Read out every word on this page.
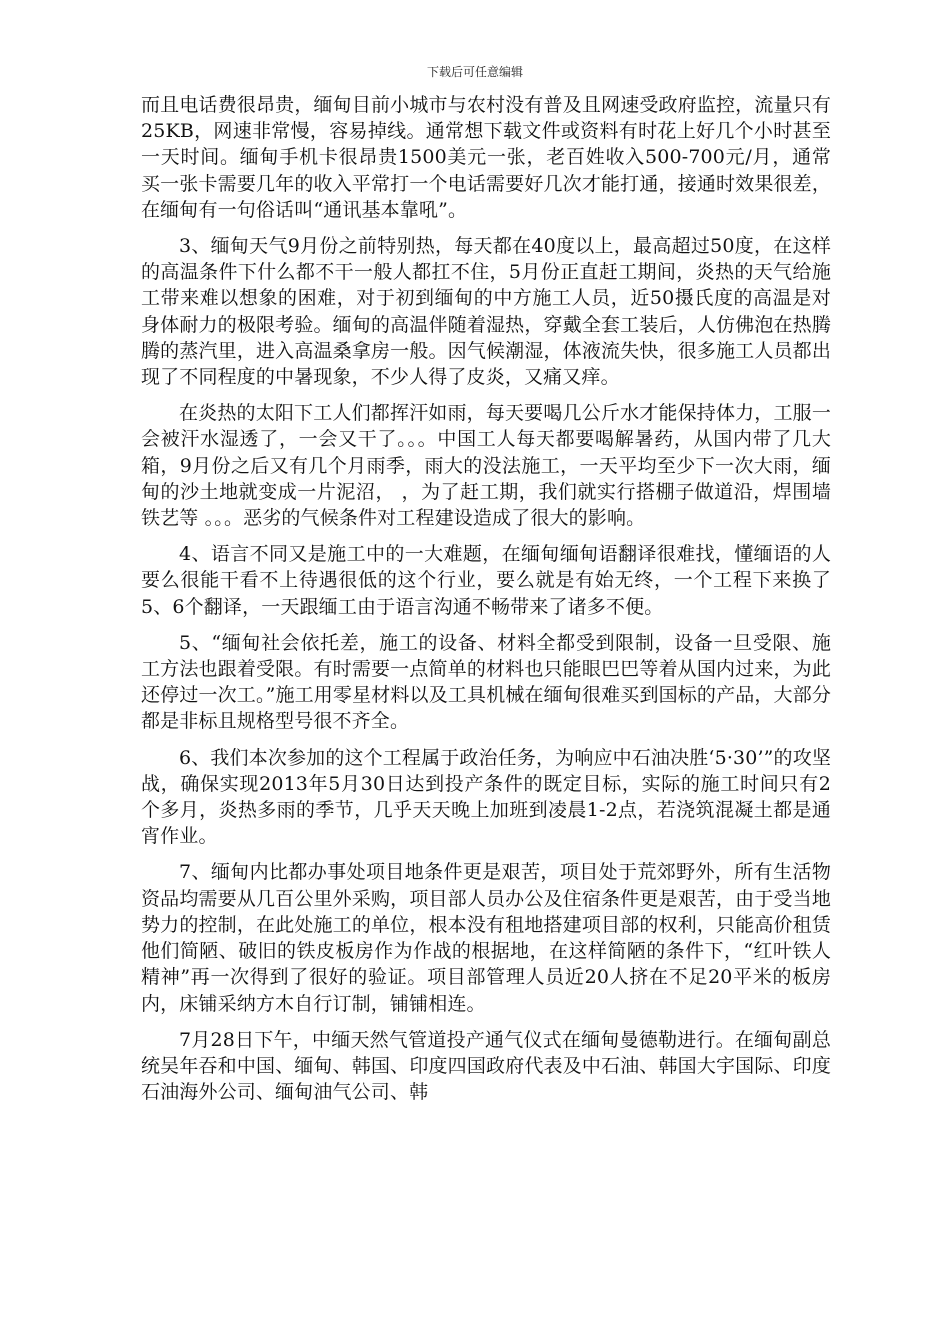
下载后可任意编辑

而且电话费很昂贵，缅甸目前小城市与农村没有普及且网速受政府监控，流量只有25KB，网速非常慢，容易掉线。通常想下载文件或资料有时花上好几个小时甚至一天时间。缅甸手机卡很昂贵1500美元一张，老百姓收入500-700元/月，通常买一张卡需要几年的收入平常打一个电话需要好几次才能打通，接通时效果很差，在缅甸有一句俗话叫“通讯基本靠吼”。

3、缅甸天气9月份之前特别热，每天都在40度以上，最高超过50度，在这样的高温条件下什么都不干一般人都扛不住，5月份正直赶工期间，炎热的天气给施工带来难以想象的困难，对于初到缅甸的中方施工人员，近50摄氏度的高温是对身体耐力的极限考验。缅甸的高温伴随着湿热，穿戴全套工装后，人仿佛泡在热腾腾的蒸汽里，进入高温桑拿房一般。因气候潮湿，体液流失快，很多施工人员都出现了不同程度的中暑现象，不少人得了皮炎，又痛又痒。

在炎热的太阳下工人们都挥汗如雨，每天要喝几公斤水才能保持体力，工服一会被汗水湿透了，一会又干了。。。中国工人每天都要喝解暑药，从国内带了几大箱，9月份之后又有几个月雨季，雨大的没法施工，一天平均至少下一次大雨，缅甸的沙土地就变成一片泥沼， ，为了赶工期，我们就实行搭棚子做道沿，焊围墙铁艺等 。。。恶劣的气候条件对工程建设造成了很大的影响。

4、语言不同又是施工中的一大难题，在缅甸缅甸语翻译很难找，懂缅语的人要么很能干看不上待遇很低的这个行业，要么就是有始无终，一个工程下来换了5、6个翻译，一天跟缅工由于语言沟通不畅带来了诸多不便。

5、“缅甸社会依托差，施工的设备、材料全都受到限制，设备一旦受限、施工方法也跟着受限。有时需要一点简单的材料也只能眼巴巴等着从国内过来，为此还停过一次工。”施工用零星材料以及工具机械在缅甸很难买到国标的产品，大部分都是非标且规格型号很不齐全。

6、我们本次参加的这个工程属于政治任务，为响应中石油决胜‘5·30’”的攻坚战，确保实现2013年5月30日达到投产条件的既定目标，实际的施工时间只有2个多月，炎热多雨的季节，几乎天天晚上加班到凌晨1-2点，若浇筑混凝土都是通宵作业。

7、缅甸内比都办事处项目地条件更是艰苦，项目处于荒郊野外，所有生活物资品均需要从几百公里外采购，项目部人员办公及住宿条件更是艰苦，由于受当地势力的控制，在此处施工的单位，根本没有租地搭建项目部的权利，只能高价租赁他们简陋、破旧的铁皮板房作为作战的根据地，在这样简陋的条件下，“红叶铁人精神”再一次得到了很好的验证。项目部管理人员近20人挤在不足20平米的板房内，床铺采纳方木自行订制，铺铺相连。

7月28日下午，中缅天然气管道投产通气仪式在缅甸曼德勒进行。在缅甸副总统吴年吞和中国、缅甸、韩国、印度四国政府代表及中石油、韩国大宇国际、印度石油海外公司、缅甸油气公司、韩
